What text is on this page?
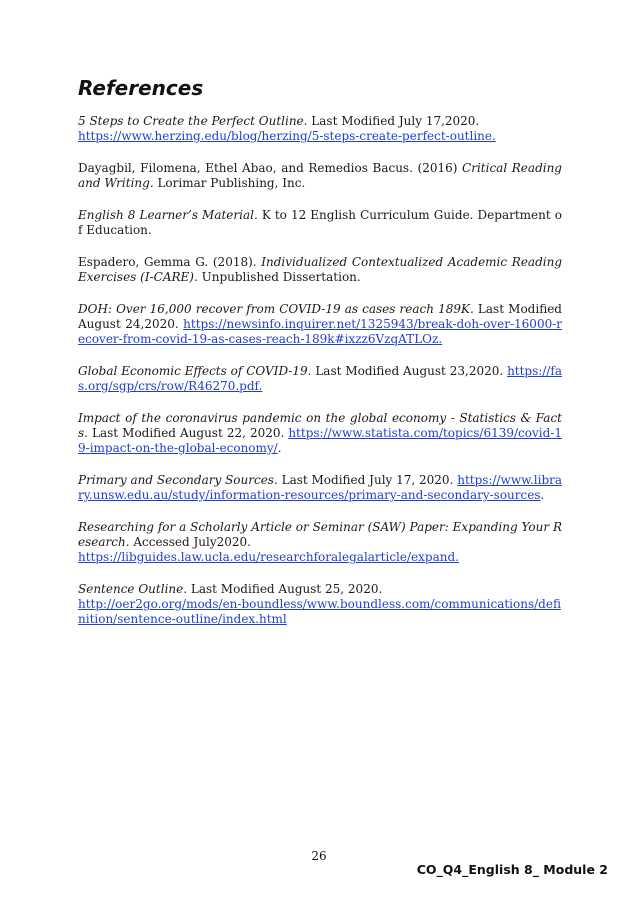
References

5 Steps to Create the Perfect Outline. Last Modified July 17,2020.
https://www.herzing.edu/blog/herzing/5-steps-create-perfect-outline.

Dayagbil, Filomena, Ethel Abao, and Remedios Bacus. (2016) Critical Reading and Writing. Lorimar Publishing, Inc.

English 8 Learner’s Material. K to 12 English Curriculum Guide. Department of Education.

Espadero, Gemma G. (2018). Individualized Contextualized Academic Reading Exercises (I-CARE). Unpublished Dissertation.

DOH: Over 16,000 recover from COVID-19 as cases reach 189K. Last Modified August 24,2020. https://newsinfo.inquirer.net/1325943/break-doh-over-16000-recover-from-covid-19-as-cases-reach-189k#ixzz6VzqATLOz.

Global Economic Effects of COVID-19. Last Modified August 23,2020. https://fas.org/sgp/crs/row/R46270.pdf.

Impact of the coronavirus pandemic on the global economy - Statistics & Facts. Last Modified August 22, 2020. https://www.statista.com/topics/6139/covid-19-impact-on-the-global-economy/.

Primary and Secondary Sources. Last Modified July 17, 2020. https://www.library.unsw.edu.au/study/information-resources/primary-and-secondary-sources.

Researching for a Scholarly Article or Seminar (SAW) Paper: Expanding Your Research. Accessed July2020.
https://libguides.law.ucla.edu/researchforalegalarticle/expand.

Sentence Outline. Last Modified August 25, 2020.
http://oer2go.org/mods/en-boundless/www.boundless.com/communications/definition/sentence-outline/index.html

26
CO_Q4_English 8_ Module 2
